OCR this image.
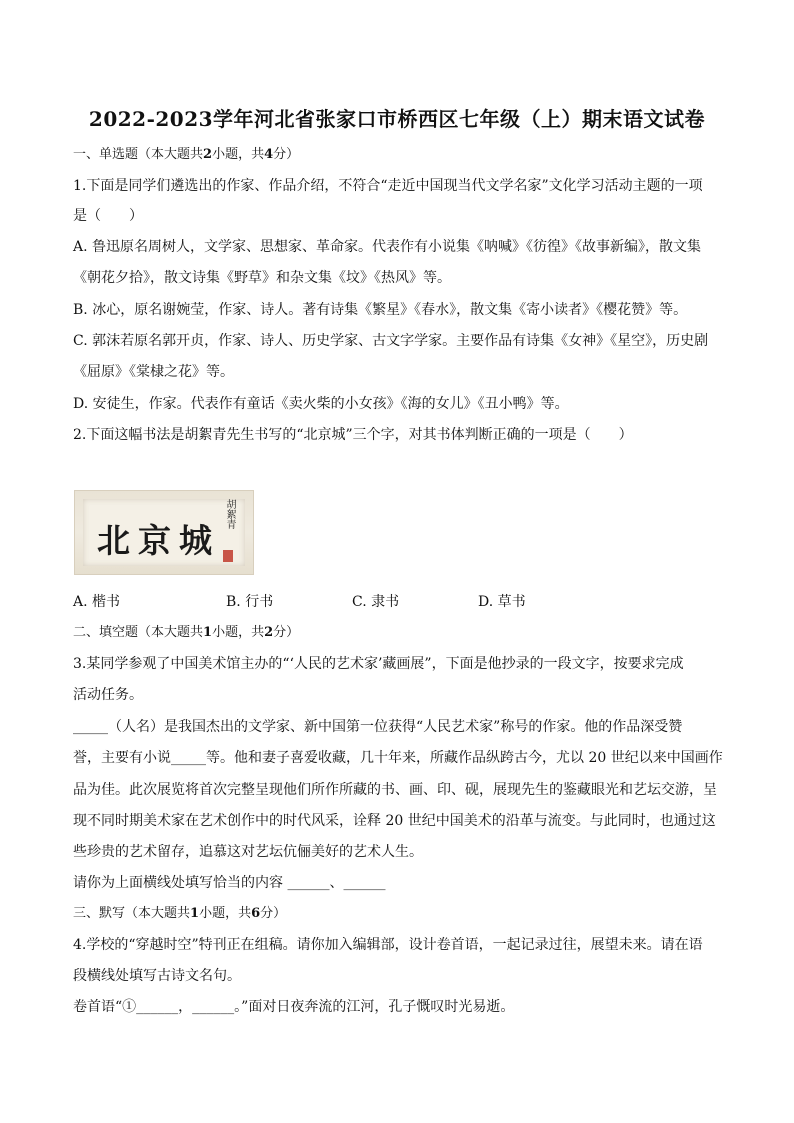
2022-2023学年河北省张家口市桥西区七年级（上）期末语文试卷
一、单选题（本大题共2小题，共4分）
1.下面是同学们遴选出的作家、作品介绍，不符合“走近中国现当代文学名家”文化学习活动主题的一项
是（　　）
A. 鲁迅原名周树人，文学家、思想家、革命家。代表作有小说集《呐喊》《彷徨》《故事新编》，散文集
《朝花夕拾》，散文诗集《野草》和杂文集《坟》《热风》等。
B. 冰心，原名谢婉莹，作家、诗人。著有诗集《繁星》《春水》，散文集《寄小读者》《樱花赞》等。
C. 郭沫若原名郭开贞，作家、诗人、历史学家、古文字学家。主要作品有诗集《女神》《星空》，历史剧
《屈原》《棠棣之花》等。
D. 安徒生，作家。代表作有童话《卖火柴的小女孩》《海的女儿》《丑小鸭》等。
2.下面这幅书法是胡絮青先生书写的“北京城”三个字，对其书体判断正确的一项是（　　）
北京城
胡絮青
A. 楷书	B. 行书	C. 隶书	D. 草书
二、填空题（本大题共1小题，共2分）
3.某同学参观了中国美术馆主办的“‘人民的艺术家’藏画展”，下面是他抄录的一段文字，按要求完成
活动任务。
_____（人名）是我国杰出的文学家、新中国第一位获得“人民艺术家”称号的作家。他的作品深受赞
誉，主要有小说_____等。他和妻子喜爱收藏，几十年来，所藏作品纵跨古今，尤以 20 世纪以来中国画作
品为佳。此次展览将首次完整呈现他们所作所藏的书、画、印、砚，展现先生的鉴藏眼光和艺坛交游，呈
现不同时期美术家在艺术创作中的时代风采，诠释 20 世纪中国美术的沿革与流变。与此同时，也通过这
些珍贵的艺术留存，追慕这对艺坛伉俪美好的艺术人生。
请你为上面横线处填写恰当的内容 ______、______
三、默写（本大题共1小题，共6分）
4.学校的“穿越时空”特刊正在组稿。请你加入编辑部，设计卷首语，一起记录过往，展望未来。请在语
段横线处填写古诗文名句。
卷首语“①______，______。”面对日夜奔流的江河，孔子慨叹时光易逝。
